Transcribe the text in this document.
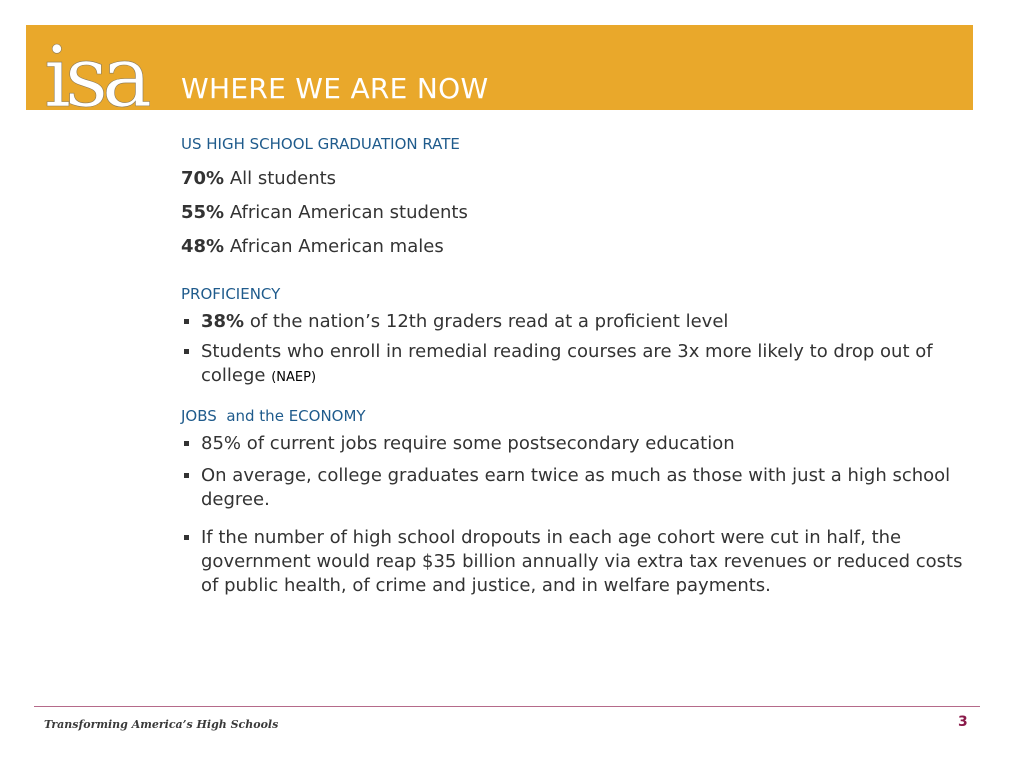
isa WHERE WE ARE NOW
US HIGH SCHOOL GRADUATION RATE
70% All students
55% African American students
48% African American males
PROFICIENCY
38% of the nation’s 12th graders read at a proficient level
Students who enroll in remedial reading courses are 3x more likely to drop out of college (NAEP)
JOBS  and the ECONOMY
85% of current jobs require some postsecondary education
On average, college graduates earn twice as much as those with just a high school degree.
If the number of high school dropouts in each age cohort were cut in half, the government would reap $35 billion annually via extra tax revenues or reduced costs of public health, of crime and justice, and in welfare payments.
Transforming America’s High Schools	3
